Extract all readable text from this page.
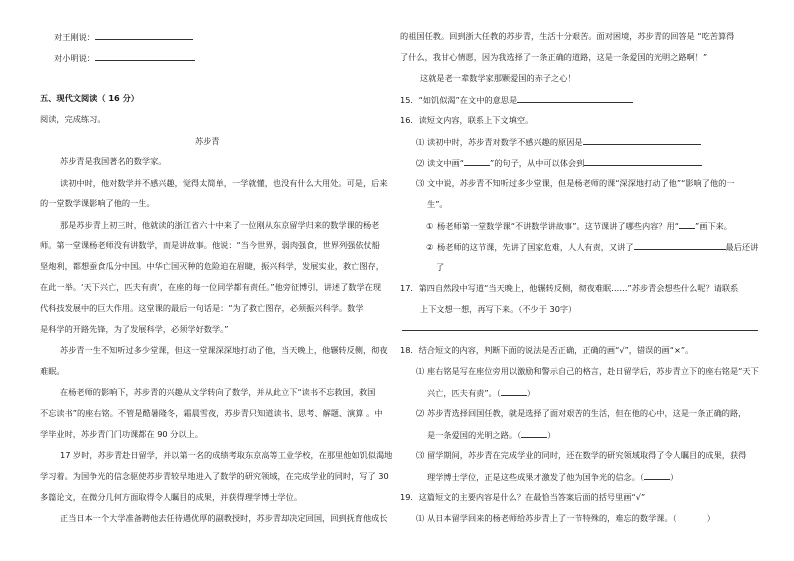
对王刚说：
对小明说：
五、现代文阅读（ 16 分）
阅读，完成练习。
苏步青
苏步青是我国著名的数学家。
读初中时，他对数学并不感兴趣，觉得太简单，一学就懂，也没有什么大用处。可是，后来
的一堂数学课影响了他的一生。
那是苏步青上初三时，他就读的浙江省六十中来了一位刚从东京留学归来的数学课的杨老
师。第一堂课杨老师没有讲数学，而是讲故事。他说：“当今世界，弱肉强食，世界列强依仗船
坚炮利，都想蚕食瓜分中国。中华亡国灭种的危险迫在眉睫，振兴科学，发展实业，救亡图存，
在此一举。‘天下兴亡，匹夫有责’，在座的每一位同学都有责任。”他旁征博引，讲述了数学在现
代科技发展中的巨大作用。这堂课的最后一句话是：“为了救亡图存，必须振兴科学。数学
是科学的开路先锋，为了发展科学，必须学好数学。”
苏步青一生不知听过多少堂课，但这一堂课深深地打动了他，当天晚上，他辗转反侧，彻夜
难眠。
在杨老师的影响下，苏步青的兴趣从文学转向了数学，并从此立下“读书不忘救国，救国
不忘读书”的座右铭。不管是酷暑隆冬，霜晨雪夜，苏步青只知道读书、思考、解题、演算 。中
学毕业时，苏步青门门功课都在 90 分以上。
17 岁时，苏步青赴日留学，并以第一名的成绩考取东京高等工业学校，在那里他如饥似渴地
学习着。为国争光的信念驱使苏步青较早地进入了数学的研究领域，在完成学业的同时，写了 30
多篇论文，在微分几何方面取得令人瞩目的成果，并获得理学博士学位。
正当日本一个大学准备聘他去任待遇优厚的副教授时，苏步青却决定回国，回到抚育他成长
的祖国任教。回到浙大任教的苏步青，生活十分艰苦。面对困境，苏步青的回答是 “吃苦算得
了什么，我甘心情愿，因为我选择了一条正确的道路，这是一条爱国的光明之路啊！”
这就是老一辈数学家那颗爱国的赤子之心！
15．“如饥似渴”在文中的意思是
16．读短文内容，联系上下文填空。
⑴ 读初中时，苏步青对数学不感兴趣的原因是
⑵ 读文中画“	”的句子，从中可以体会到
⑶ 文中说，苏步青不知听过多少堂课，但是杨老师的课“深深地打动了他”“影响了他的一
生”。
① 杨老师第一堂数学课“不讲数学讲故事”。这节课讲了哪些内容？用“ ”画下来。
② 杨老师的这节课，先讲了国家危难，人人有责，又讲了	最后还讲
了
17．第四自然段中写道“当天晚上，他辗转反侧，彻夜难眠……”苏步青会想些什么呢？请联系
上下文想一想，再写下来。（不少于 30字）
18．结合短文的内容，判断下面的说法是否正确，正确的画“√”，错误的画“×”。
⑴ 座右铭是写在座位旁用以激励和警示自己的格言，赴日留学后，苏步青立下的座右铭是“天下
兴亡，匹夫有责”。（	）
⑵ 苏步青选择回国任教，就是选择了面对艰苦的生活，但在他的心中，这是一条正确的路，
是一条爱国的光明之路。（	）
⑶ 留学期间，苏步青在完成学业的同时，还在数学的研究领域取得了令人瞩目的成果，获得
理学博士学位，正是这些成果才激发了他为国争光的信念。（	）
19．这篇短文的主要内容是什么？在最恰当答案后面的括号里画“√”
⑴ 从日本留学回来的杨老师给苏步青上了一节特殊的，难忘的数学课。（	）
